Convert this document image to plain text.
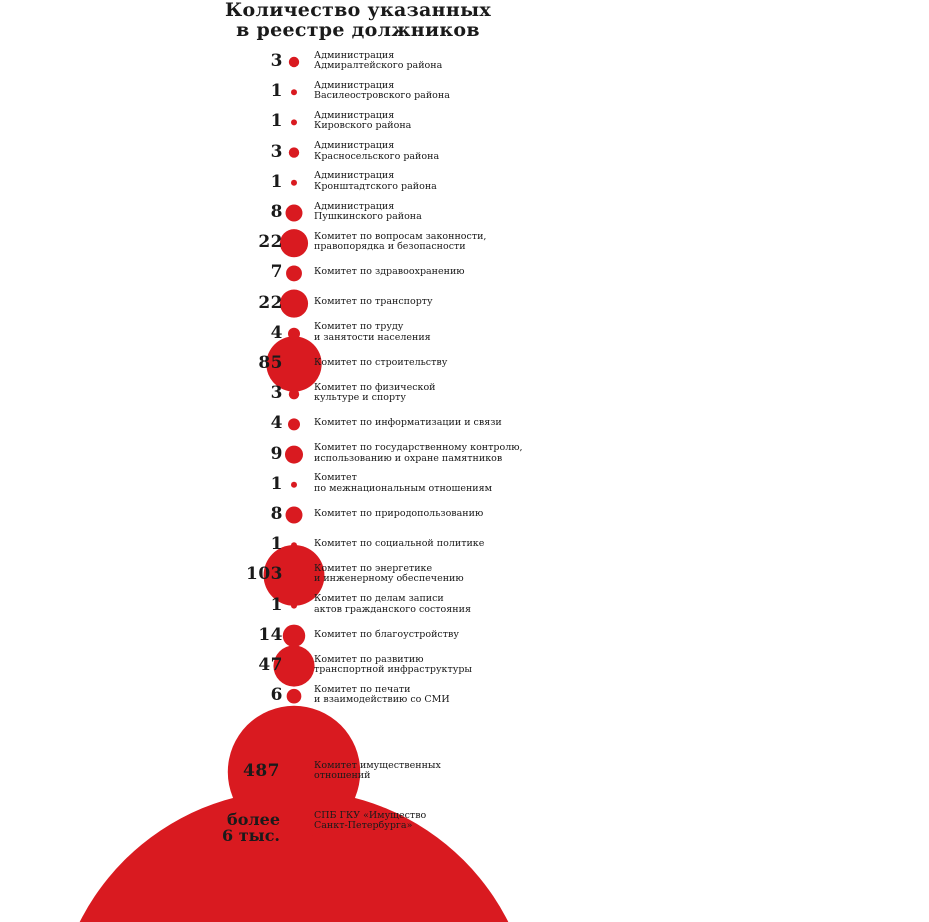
Количество указанных
в реестре должников
3	Администрация
Адмиралтейского района
1	Администрация
Василеостровского района
1	Администрация
Кировского района
3	Администрация
Красносельского района
1	Администрация
Кронштадтского района
8	Администрация
Пушкинского района
22	Комитет по вопросам законности,
правопорядка и безопасности
7	Комитет по здравоохранению
22	Комитет по транспорту
4	Комитет по труду
и занятости населения
85	Комитет по строительству
3	Комитет по физической
культуре и спорту
4	Комитет по информатизации и связи
9	Комитет по государственному контролю,
использованию и охране памятников
1	Комитет
по межнациональным отношениям
8	Комитет по природопользованию
1	Комитет по социальной политике
103	Комитет по энергетике
и инженерному обеспечению
1	Комитет по делам записи
актов гражданского состояния
14	Комитет по благоустройству
47	Комитет по развитию
транспортной инфраструктуры
6	Комитет по печати
и взаимодействию со СМИ
487	Комитет имущественных
отношений
более
6 тыс.
СПБ ГКУ «Имущество
Санкт-Петербурга»
